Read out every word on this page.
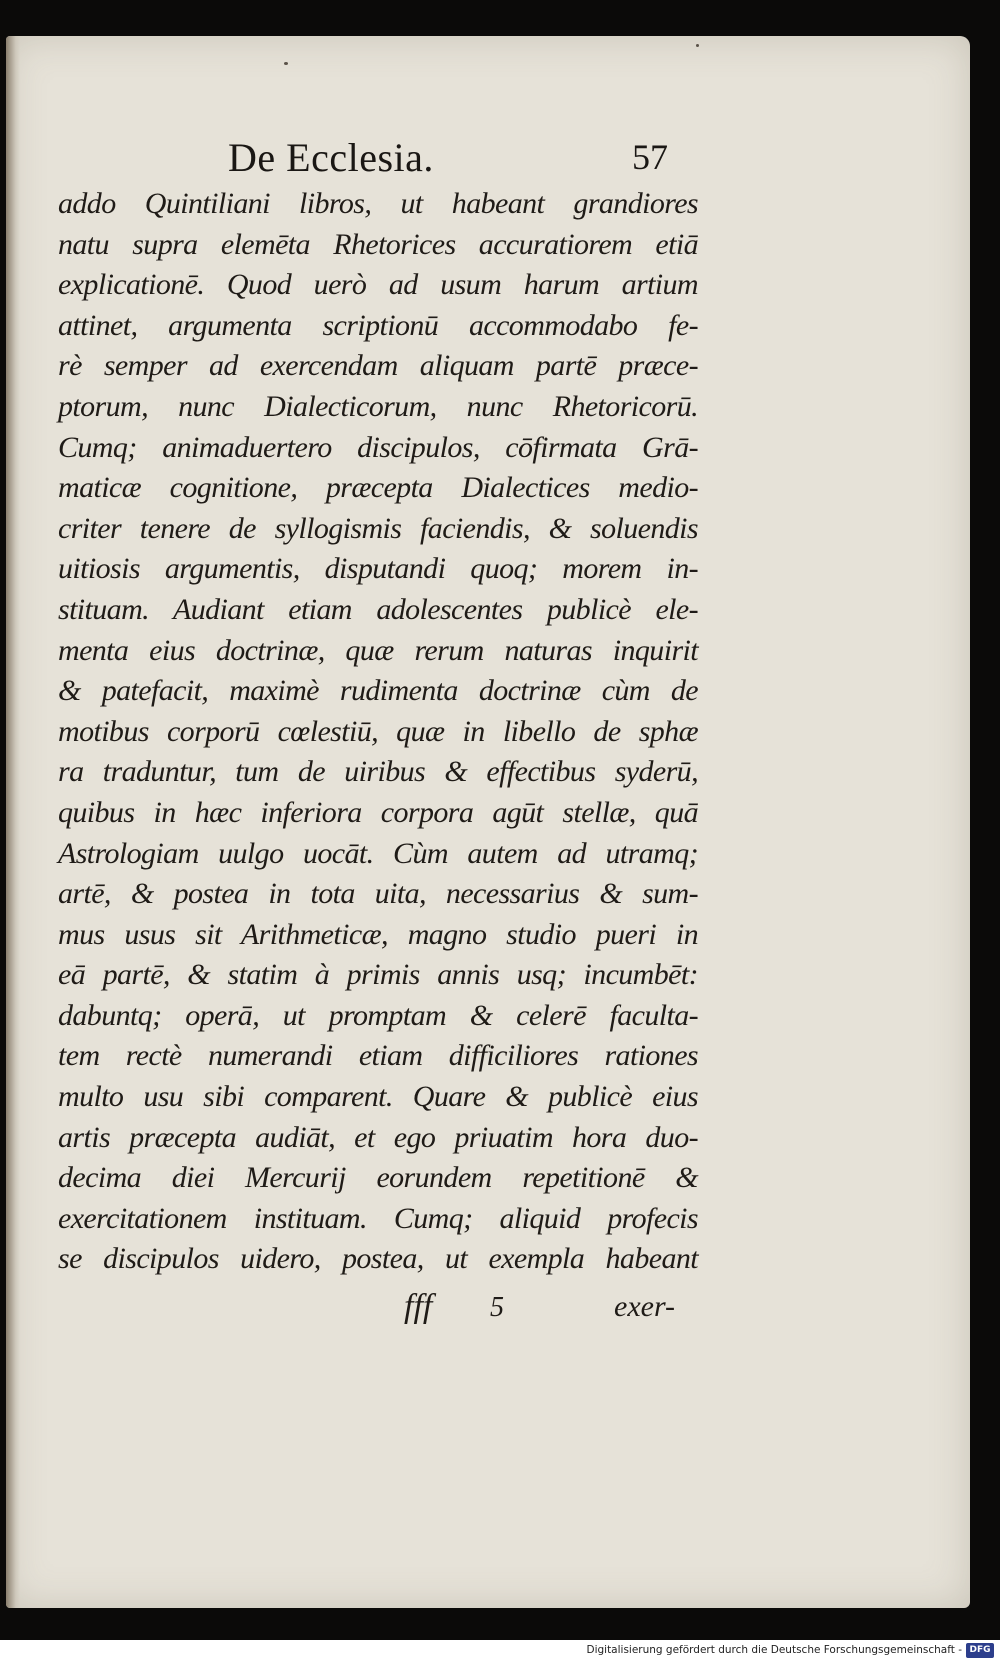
De Ecclesia.	57
addo Quintiliani libros, ut habeant grandiores
natu supra elemēta Rhetorices accuratiorem etiā
explicationē. Quod uerò ad usum harum artium
attinet, argumenta scriptionū accommodabo fe-
rè semper ad exercendam aliquam partē præce-
ptorum, nunc Dialecticorum, nunc Rhetoricorū.
Cumq; animaduertero discipulos, cōfirmata Grā-
maticæ cognitione, præcepta Dialectices medio-
criter tenere de syllogismis faciendis, & soluendis
uitiosis argumentis, disputandi quoq; morem in-
stituam. Audiant etiam adolescentes publicè ele-
menta eius doctrinæ, quæ rerum naturas inquirit
& patefacit, maximè rudimenta doctrinæ cùm de
motibus corporū cœlestiū, quæ in libello de sphæ
ra traduntur, tum de uiribus & effectibus syderū,
quibus in hæc inferiora corpora agūt stellæ, quā
Astrologiam uulgo uocāt. Cùm autem ad utramq;
artē, & postea in tota uita, necessarius & sum-
mus usus sit Arithmeticæ, magno studio pueri in
eā partē, & statim à primis annis usq; incumbēt:
dabuntq; operā, ut promptam & celerē faculta-
tem rectè numerandi etiam difficiliores rationes
multo usu sibi comparent. Quare & publicè eius
artis præcepta audiāt, et ego priuatim hora duo-
decima diei Mercurij eorundem repetitionē &
exercitationem instituam. Cumq; aliquid profecis
se discipulos uidero, postea, ut exempla habeant
fff 5	exer-
Digitalisierung gefördert durch die Deutsche Forschungsgemeinschaft - DFG
